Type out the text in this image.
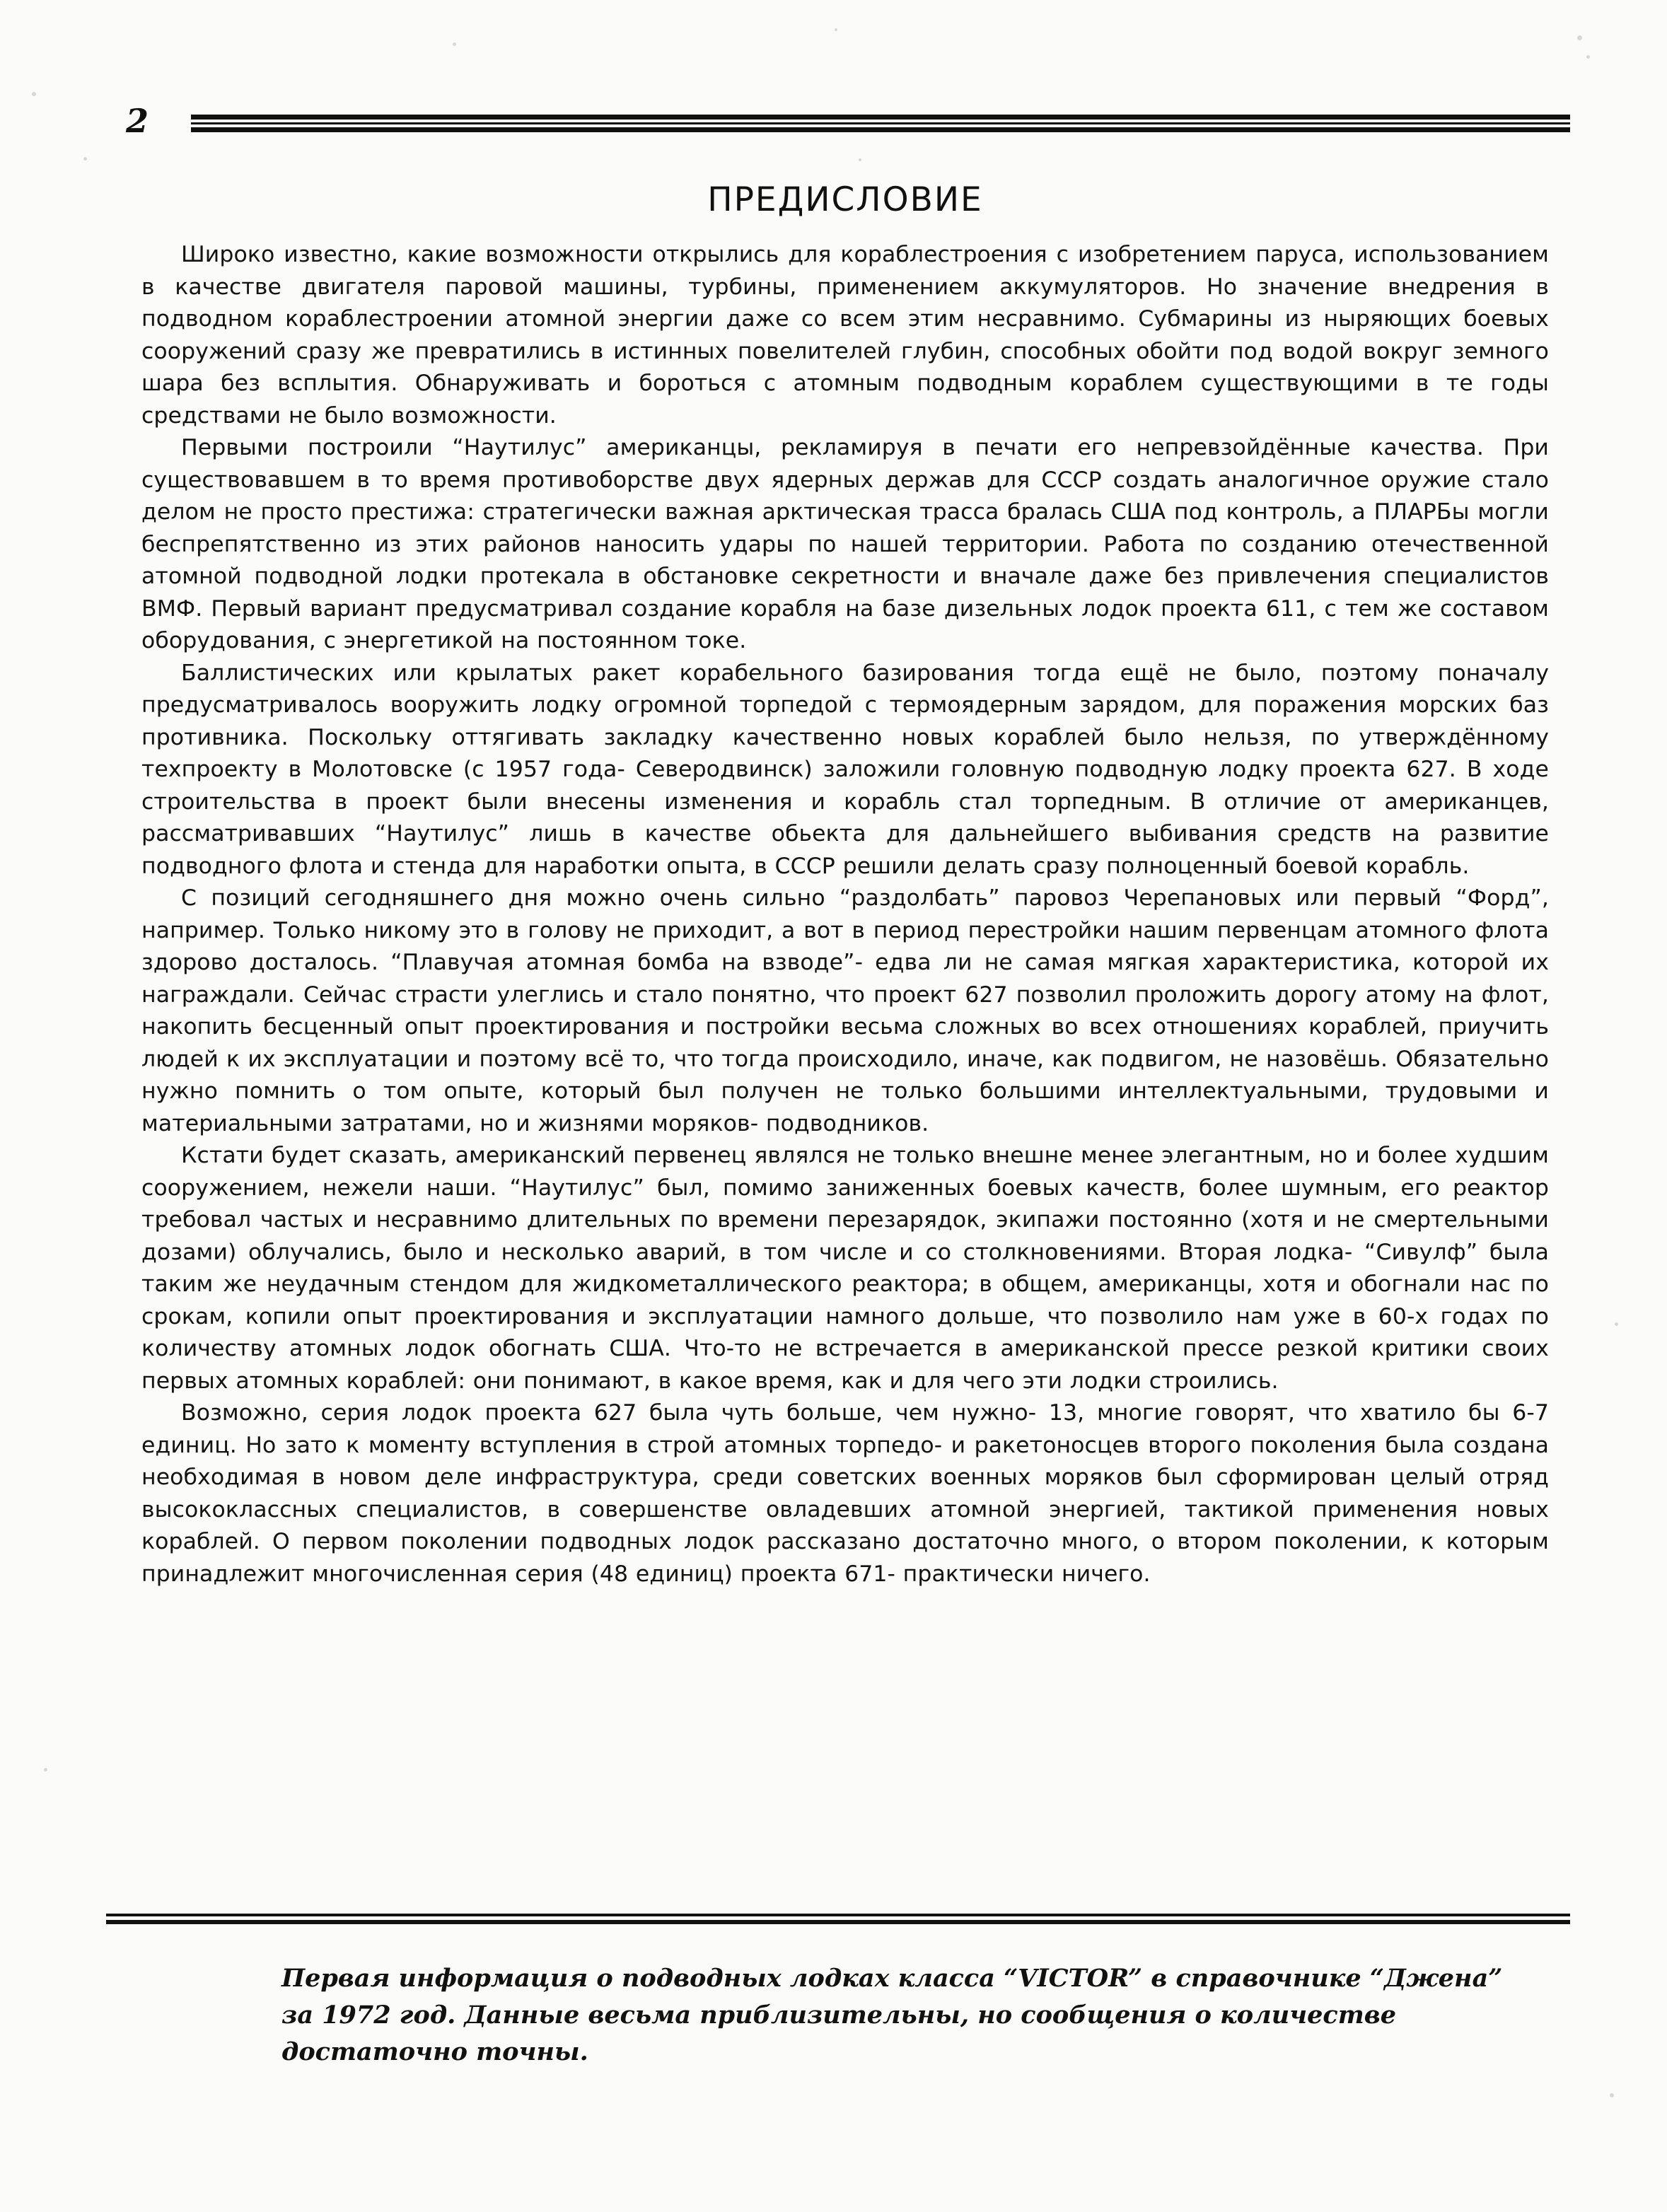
2
ПРЕДИСЛОВИЕ

Широко известно, какие возможности открылись для кораблестроения с изобретением паруса, использованием в качестве двигателя паровой машины, турбины, применением аккумуляторов. Но значение внедрения в подводном кораблестроении атомной энергии даже со всем этим несравнимо. Субмарины из ныряющих боевых сооружений сразу же превратились в истинных повелителей глубин, способных обойти под водой вокруг земного шара без всплытия. Обнаруживать и бороться с атомным подводным кораблем существующими в те годы средствами не было возможности.

Первыми построили “Наутилус” американцы, рекламируя в печати его непревзойдённые качества. При существовавшем в то время противоборстве двух ядерных держав для СССР создать аналогичное оружие стало делом не просто престижа: стратегически важная арктическая трасса бралась США под контроль, а ПЛАРБы могли беспрепятственно из этих районов наносить удары по нашей территории. Работа по созданию отечественной атомной подводной лодки протекала в обстановке секретности и вначале даже без привлечения специалистов ВМФ. Первый вариант предусматривал создание корабля на базе дизельных лодок проекта 611, с тем же составом оборудования, с энергетикой на постоянном токе.

Баллистических или крылатых ракет корабельного базирования тогда ещё не было, поэтому поначалу предусматривалось вооружить лодку огромной торпедой с термоядерным зарядом, для поражения морских баз противника. Поскольку оттягивать закладку качественно новых кораблей было нельзя, по утверждённому техпроекту в Молотовске (с 1957 года- Северодвинск) заложили головную подводную лодку проекта 627. В ходе строительства в проект были внесены изменения и корабль стал торпедным. В отличие от американцев, рассматривавших “Наутилус” лишь в качестве обьекта для дальнейшего выбивания средств на развитие подводного флота и стенда для наработки опыта, в СССР решили делать сразу полноценный боевой корабль.

С позиций сегодняшнего дня можно очень сильно “раздолбать” паровоз Черепановых или первый “Форд”, например. Только никому это в голову не приходит, а вот в период перестройки нашим первенцам атомного флота здорово досталось. “Плавучая атомная бомба на взводе”- едва ли не самая мягкая характеристика, которой их награждали. Сейчас страсти улеглись и стало понятно, что проект 627 позволил проложить дорогу атому на флот, накопить бесценный опыт проектирования и постройки весьма сложных во всех отношениях кораблей, приучить людей к их эксплуатации и поэтому всё то, что тогда происходило, иначе, как подвигом, не назовёшь. Обязательно нужно помнить о том опыте, который был получен не только большими интеллектуальными, трудовыми и материальными затратами, но и жизнями моряков- подводников.

Кстати будет сказать, американский первенец являлся не только внешне менее элегантным, но и более худшим сооружением, нежели наши. “Наутилус” был, помимо заниженных боевых качеств, более шумным, его реактор требовал частых и несравнимо длительных по времени перезарядок, экипажи постоянно (хотя и не смертельными дозами) облучались, было и несколько аварий, в том числе и со столкновениями. Вторая лодка- “Сивулф” была таким же неудачным стендом для жидкометаллического реактора; в общем, американцы, хотя и обогнали нас по срокам, копили опыт проектирования и эксплуатации намного дольше, что позволило нам уже в 60-х годах по количеству атомных лодок обогнать США. Что-то не встречается в американской прессе резкой критики своих первых атомных кораблей: они понимают, в какое время, как и для чего эти лодки строились.

Возможно, серия лодок проекта 627 была чуть больше, чем нужно- 13, многие говорят, что хватило бы 6-7 единиц. Но зато к моменту вступления в строй атомных торпедо- и ракетоносцев второго поколения была создана необходимая в новом деле инфраструктура, среди советских военных моряков был сформирован целый отряд высококлассных специалистов, в совершенстве овладевших атомной энергией, тактикой применения новых кораблей. О первом поколении подводных лодок рассказано достаточно много, о втором поколении, к которым принадлежит многочисленная серия (48 единиц) проекта 671- практически ничего.

Первая информация о подводных лодках класса “VICTOR” в справочнике “Джена” за 1972 год. Данные весьма приблизительны, но сообщения о количестве достаточно точны.
